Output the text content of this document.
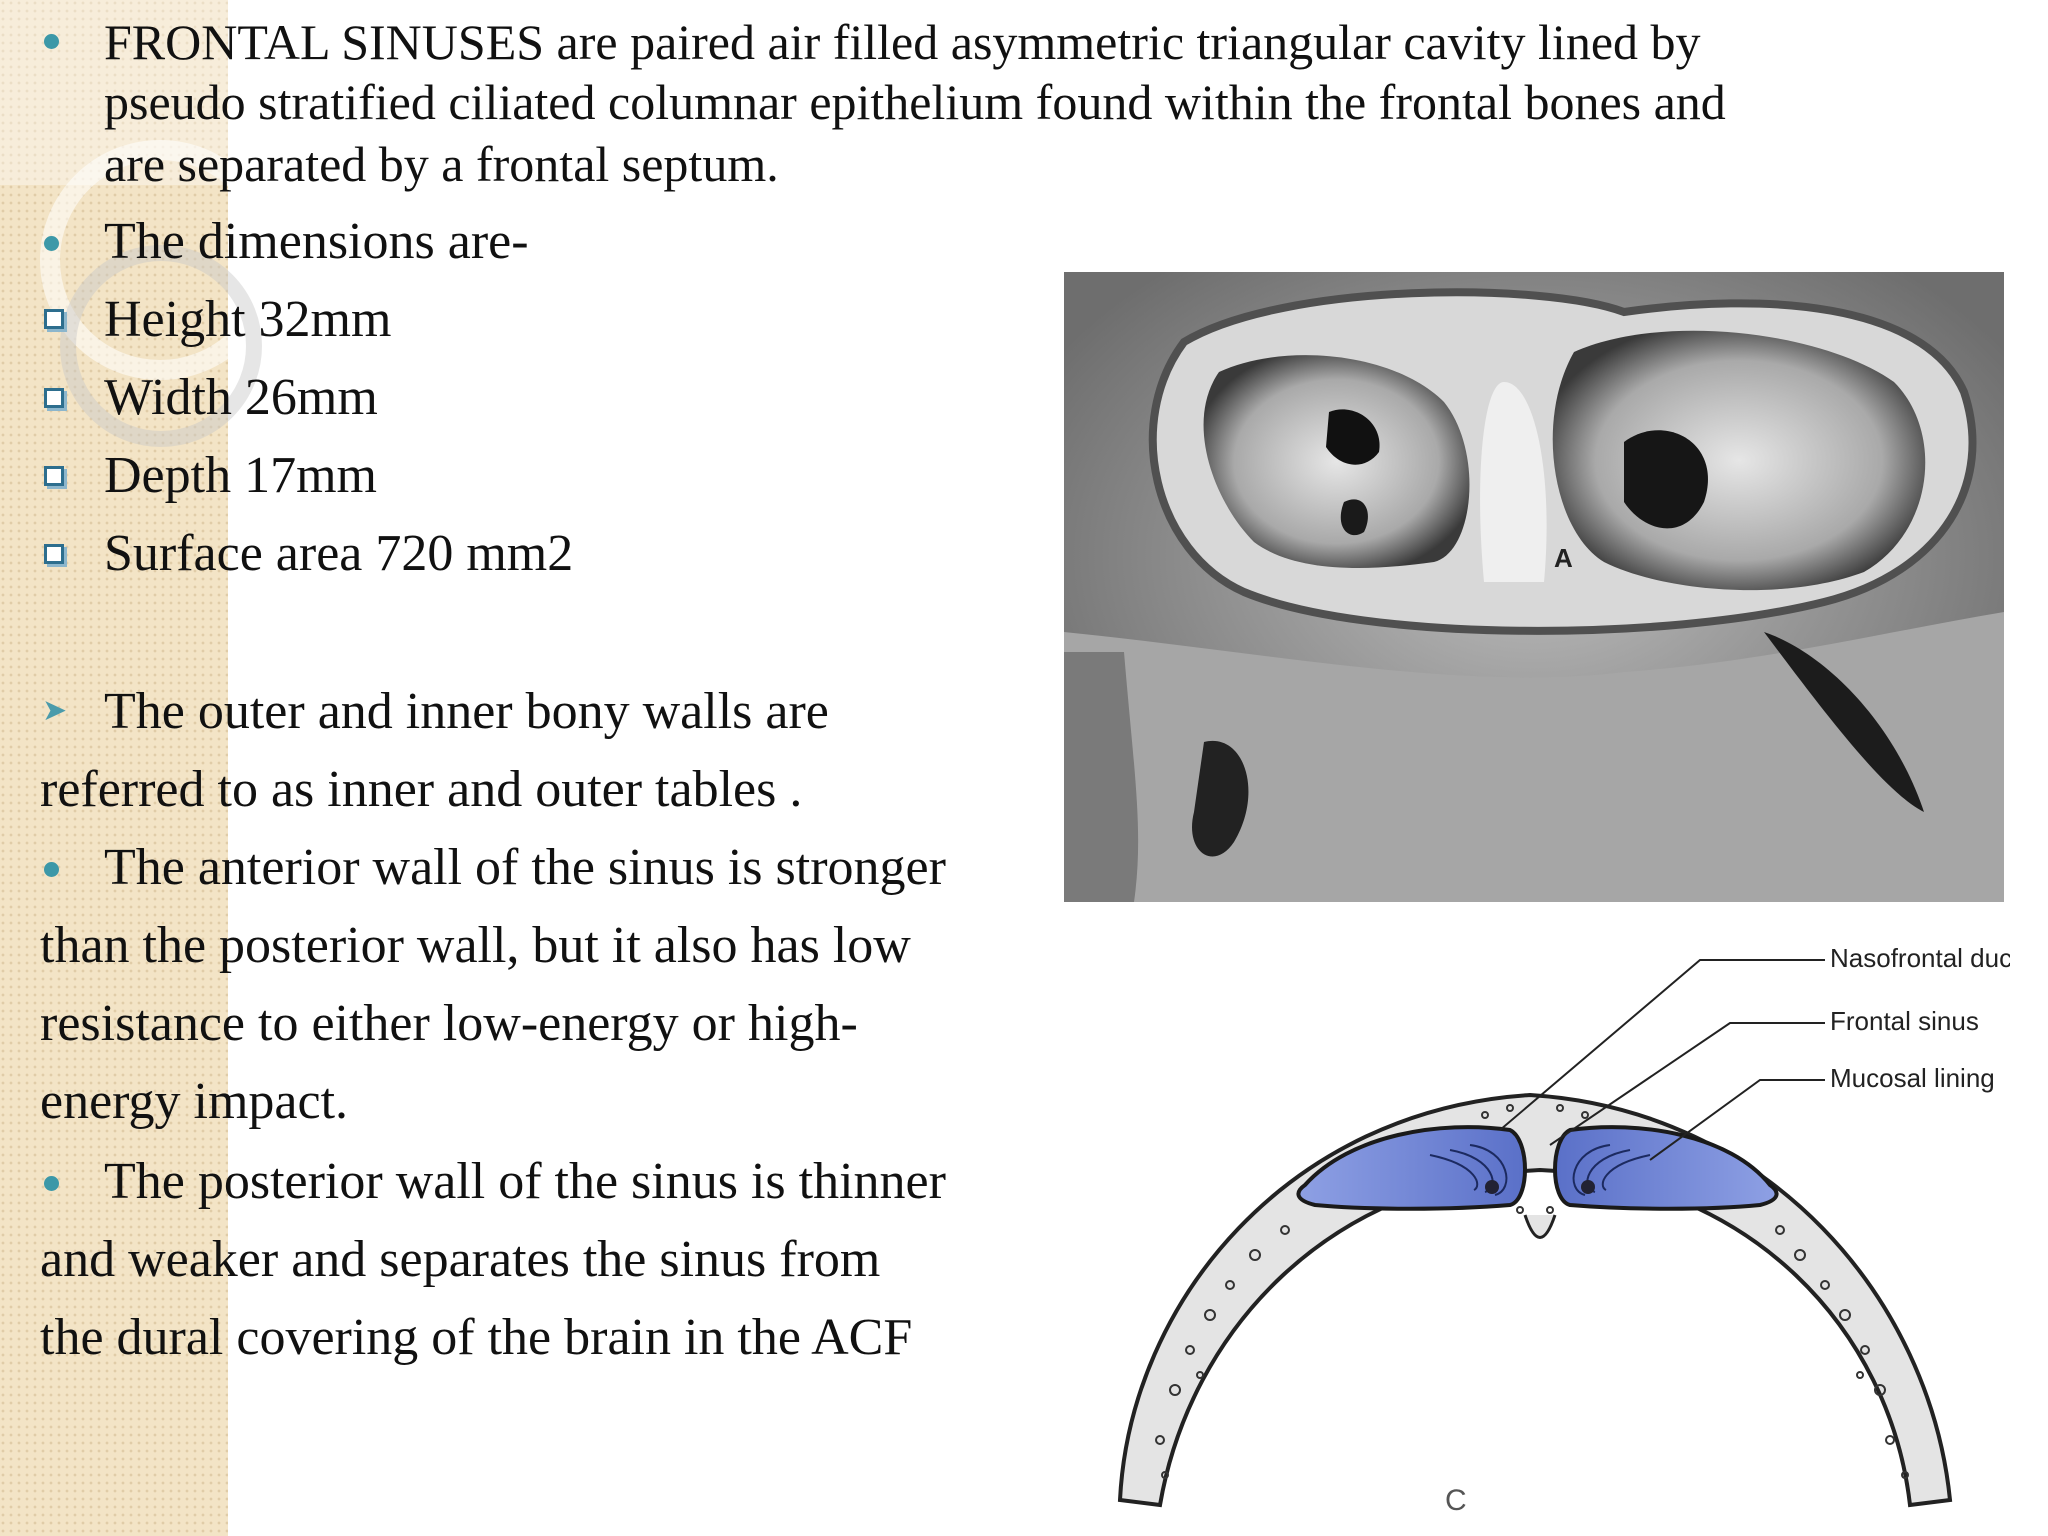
FRONTAL SINUSES are paired air filled asymmetric triangular cavity lined by
pseudo stratified ciliated columnar epithelium found within the frontal bones and
are separated by a frontal septum.
The dimensions are-
Height 32mm
Width 26mm
Depth 17mm
Surface area 720 mm2
➤ The outer and inner bony walls are
referred to as inner and outer tables .
The anterior wall of the sinus is stronger
than the posterior wall, but it also has low
resistance to either low-energy or high-
energy impact.
The posterior wall of the sinus is thinner
and weaker and separates the sinus from
the dural covering of the brain in the ACF
A
Nasofrontal duct
Frontal sinus
Mucosal lining
C
